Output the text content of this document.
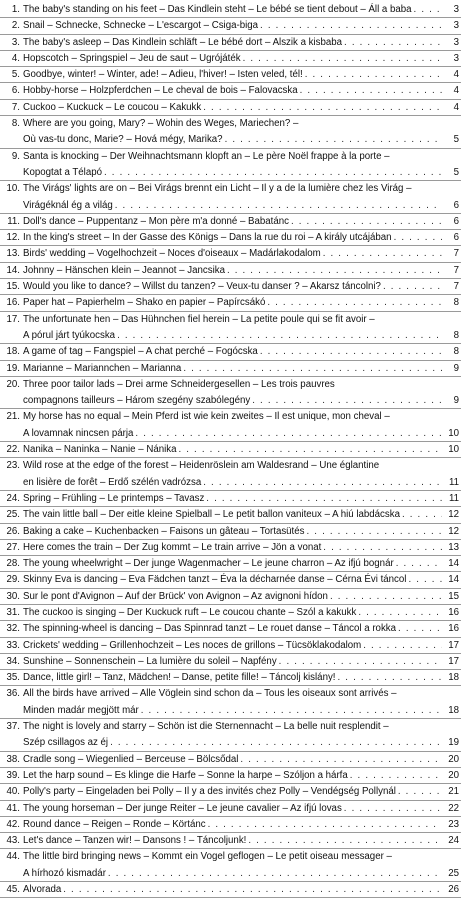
1. The baby's standing on his feet – Das Kindlein steht – Le bébé se tient debout – Áll a baba . . .	3
2. Snail – Schnecke, Schnecke – L'escargot – Csiga-biga . . .	3
3. The baby's asleep – Das Kindlein schläft – Le bébé dort – Alszik a kisbaba . . .	3
4. Hopscotch – Springspiel – Jeu de saut – Ugrójáték . . .	3
5. Goodbye, winter! – Winter, ade! – Adieu, l'hiver! – Isten veled, tél! . . .	4
6. Hobby-horse – Holzpferdchen – Le cheval de bois – Falovacska . . .	4
7. Cuckoo – Kuckuck – Le coucou – Kakukk . . .	4
8. Where are you going, Mary? – Wohin des Weges, Mariechen? –
Où vas-tu donc, Marie? – Hová mégy, Marika? . . .	5
9. Santa is knocking – Der Weihnachtsmann klopft an – Le père Noël frappe à la porte –
Kopogtat a Télapó . . .	5
10. The Virágs' lights are on – Bei Virágs brennt ein Licht – Il y a de la lumière chez les Virág –
Virágéknál ég a világ . . .	6
11. Doll's dance – Puppentanz – Mon père m'a donné – Babatánc . . .	6
12. In the king's street – In der Gasse des Königs – Dans la rue du roi – A király utcájában . . .	6
13. Birds' wedding – Vogelhochzeit – Noces d'oiseaux – Madárlakodalom . . .	7
14. Johnny – Hänschen klein – Jeannot – Jancsika . . .	7
15. Would you like to dance? – Willst du tanzen? – Veux-tu danser ? – Akarsz táncolni? . . .	7
16. Paper hat – Papierhelm – Shako en papier – Papírcsákó . . .	8
17. The unfortunate hen – Das Hühnchen fiel herein – La petite poule qui se fit avoir –
A pórul járt tyúkocska . . .	8
18. A game of tag – Fangspiel – A chat perché – Fogócska . . .	8
19. Marianne – Mariannchen – Marianna . . .	9
20. Three poor tailor lads – Drei arme Schneidergesellen – Les trois pauvres
compagnons tailleurs – Három szegény szabólegény . . .	9
21. My horse has no equal – Mein Pferd ist wie kein zweites – Il est unique, mon cheval –
A lovamnak nincsen párja . . .	10
22. Nanika – Naninka – Nanie – Nánika . . .	10
23. Wild rose at the edge of the forest – Heidenröslein am Waldesrand – Une églantine
en lisière de forêt – Erdő szélén vadrózsa . . .	11
24. Spring – Frühling – Le printemps – Tavasz . . .	11
25. The vain little ball – Der eitle kleine Spielball – Le petit ballon vaniteux – A hiú labdácska . . .	12
26. Baking a cake – Kuchenbacken – Faisons un gâteau – Tortasütés . . .	12
27. Here comes the train – Der Zug kommt – Le train arrive – Jön a vonat . . .	13
28. The young wheelwright – Der junge Wagenmacher – Le jeune charron – Az ifjú bognár . . .	14
29. Skinny Eva is dancing – Eva Fädchen tanzt – Éva la décharnée danse – Cérna Évi táncol . . .	14
30. Sur le pont d'Avignon – Auf der Brück' von Avignon – Az avignoni hídon . . .	15
31. The cuckoo is singing – Der Kuckuck ruft – Le coucou chante – Szól a kakukk . . .	16
32. The spinning-wheel is dancing – Das Spinnrad tanzt – Le rouet danse – Táncol a rokka . . .	16
33. Crickets' wedding – Grillenhochzeit – Les noces de grillons – Tücsöklakodalom . . .	17
34. Sunshine – Sonnenschein – La lumière du soleil – Napfény . . .	17
35. Dance, little girl! – Tanz, Mädchen! – Danse, petite fille! – Táncolj kislány! . . .	18
36. All the birds have arrived – Alle Vöglein sind schon da – Tous les oiseaux sont arrivés –
Minden madár megjött már . . .	18
37. The night is lovely and starry – Schön ist die Sternennacht – La belle nuit resplendit –
Szép csillagos az éj . . .	19
38. Cradle song – Wiegenlied – Berceuse – Bölcsődal . . .	20
39. Let the harp sound – Es klinge die Harfe – Sonne la harpe – Szóljon a hárfa . . .	20
40. Polly's party – Eingeladen bei Polly – Il y a des invités chez Polly – Vendégség Pollynál . . .	21
41. The young horseman – Der junge Reiter – Le jeune cavalier – Az ifjú lovas . . .	22
42. Round dance – Reigen – Ronde – Körtánc . . .	23
43. Let's dance – Tanzen wir! – Dansons ! – Táncoljunk! . . .	24
44. The little bird bringing news – Kommt ein Vogel geflogen – Le petit oiseau messager –
A hírhozó kismadár . . .	25
45. Alvorada . . .	26
